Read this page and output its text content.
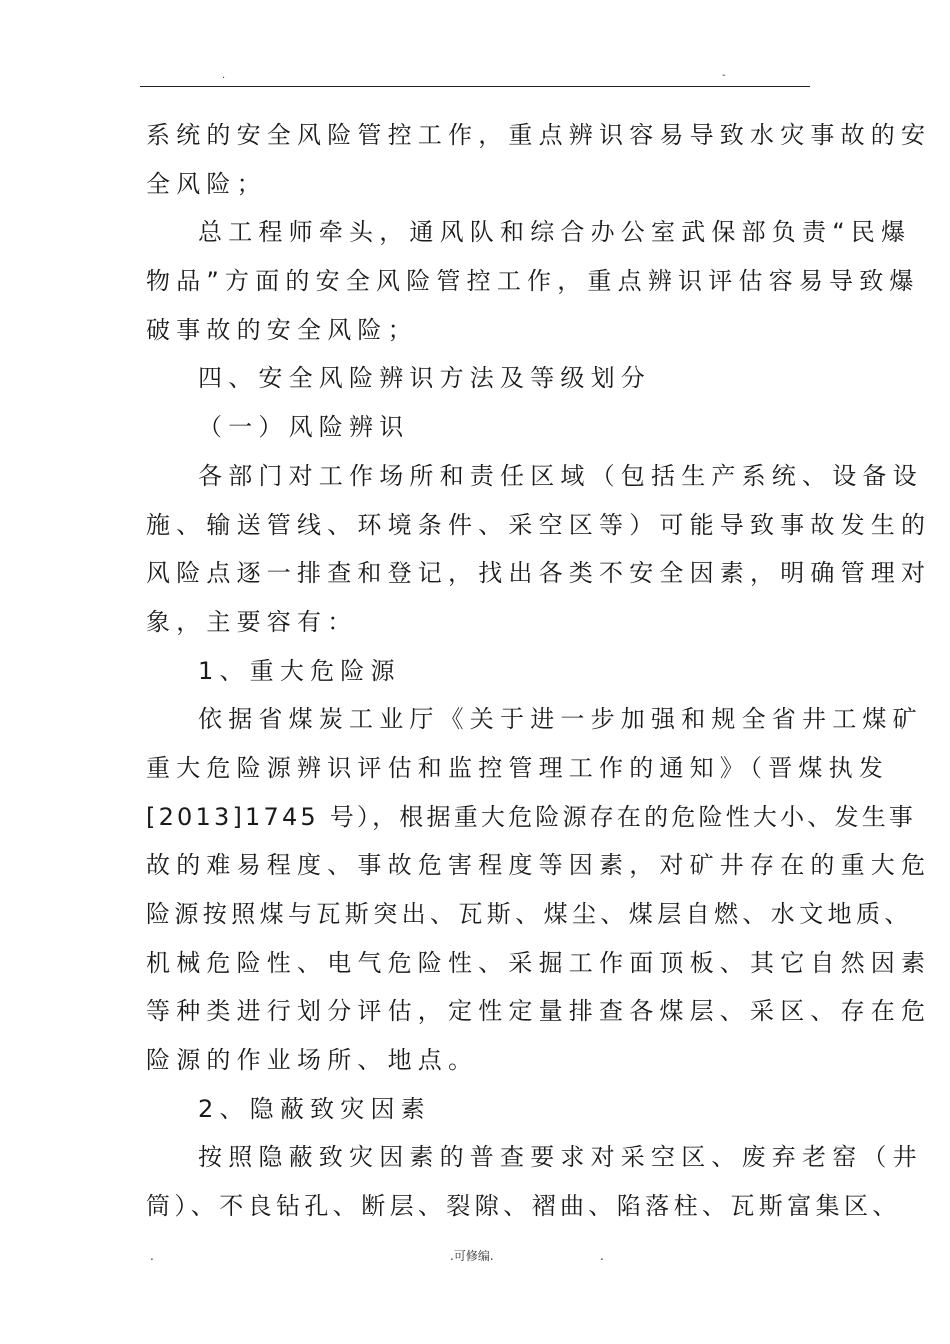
.	-
系统的安全风险管控工作，重点辨识容易导致水灾事故的安
全风险；
总工程师牵头，通风队和综合办公室武保部负责“民爆
物品”方面的安全风险管控工作，重点辨识评估容易导致爆
破事故的安全风险；
四、安全风险辨识方法及等级划分
（一）风险辨识
各部门对工作场所和责任区域（包括生产系统、设备设
施、输送管线、环境条件、采空区等）可能导致事故发生的
风险点逐一排查和登记，找出各类不安全因素，明确管理对
象，主要容有：
1、重大危险源
依据省煤炭工业厅《关于进一步加强和规全省井工煤矿
重大危险源辨识评估和监控管理工作的通知》（晋煤执发
[2013]1745 号），根据重大危险源存在的危险性大小、发生事
故的难易程度、事故危害程度等因素，对矿井存在的重大危
险源按照煤与瓦斯突出、瓦斯、煤尘、煤层自燃、水文地质、
机械危险性、电气危险性、采掘工作面顶板、其它自然因素
等种类进行划分评估，定性定量排查各煤层、采区、存在危
险源的作业场所、地点。
2、隐蔽致灾因素
按照隐蔽致灾因素的普查要求对采空区、废弃老窑（井
筒）、不良钻孔、断层、裂隙、褶曲、陷落柱、瓦斯富集区、
.	.可修编.	.
